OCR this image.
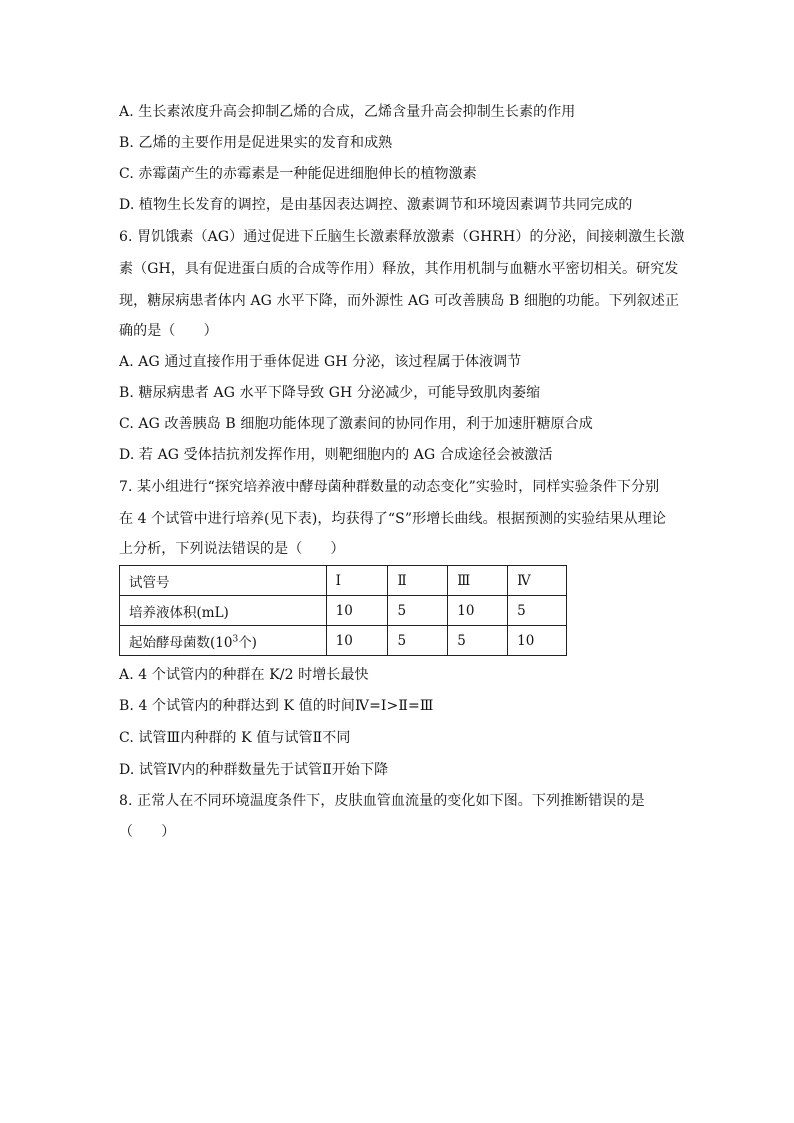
A. 生长素浓度升高会抑制乙烯的合成，乙烯含量升高会抑制生长素的作用
B. 乙烯的主要作用是促进果实的发育和成熟
C. 赤霉菌产生的赤霉素是一种能促进细胞伸长的植物激素
D. 植物生长发育的调控，是由基因表达调控、激素调节和环境因素调节共同完成的
6. 胃饥饿素（AG）通过促进下丘脑生长激素释放激素（GHRH）的分泌，间接刺激生长激
素（GH，具有促进蛋白质的合成等作用）释放，其作用机制与血糖水平密切相关。研究发
现，糖尿病患者体内 AG 水平下降，而外源性 AG 可改善胰岛 B 细胞的功能。下列叙述正
确的是（　　）
A. AG 通过直接作用于垂体促进 GH 分泌，该过程属于体液调节
B. 糖尿病患者 AG 水平下降导致 GH 分泌减少，可能导致肌肉萎缩
C. AG 改善胰岛 B 细胞功能体现了激素间的协同作用，利于加速肝糖原合成
D. 若 AG 受体拮抗剂发挥作用，则靶细胞内的 AG 合成途径会被激活
7. 某小组进行“探究培养液中酵母菌种群数量的动态变化”实验时，同样实验条件下分别
在 4 个试管中进行培养(见下表)，均获得了“S”形增长曲线。根据预测的实验结果从理论
上分析，下列说法错误的是（　　）
试管号	Ⅰ	Ⅱ	Ⅲ	Ⅳ
培养液体积(mL)	10	5	10	5
起始酵母菌数($10^3$个)	10	5	5	10
A. 4 个试管内的种群在 K/2 时增长最快
B. 4 个试管内的种群达到 K 值的时间Ⅳ=Ⅰ>Ⅱ=Ⅲ
C. 试管Ⅲ内种群的 K 值与试管Ⅱ不同
D. 试管Ⅳ内的种群数量先于试管Ⅱ开始下降
8. 正常人在不同环境温度条件下，皮肤血管血流量的变化如下图。下列推断错误的是
（　　）
